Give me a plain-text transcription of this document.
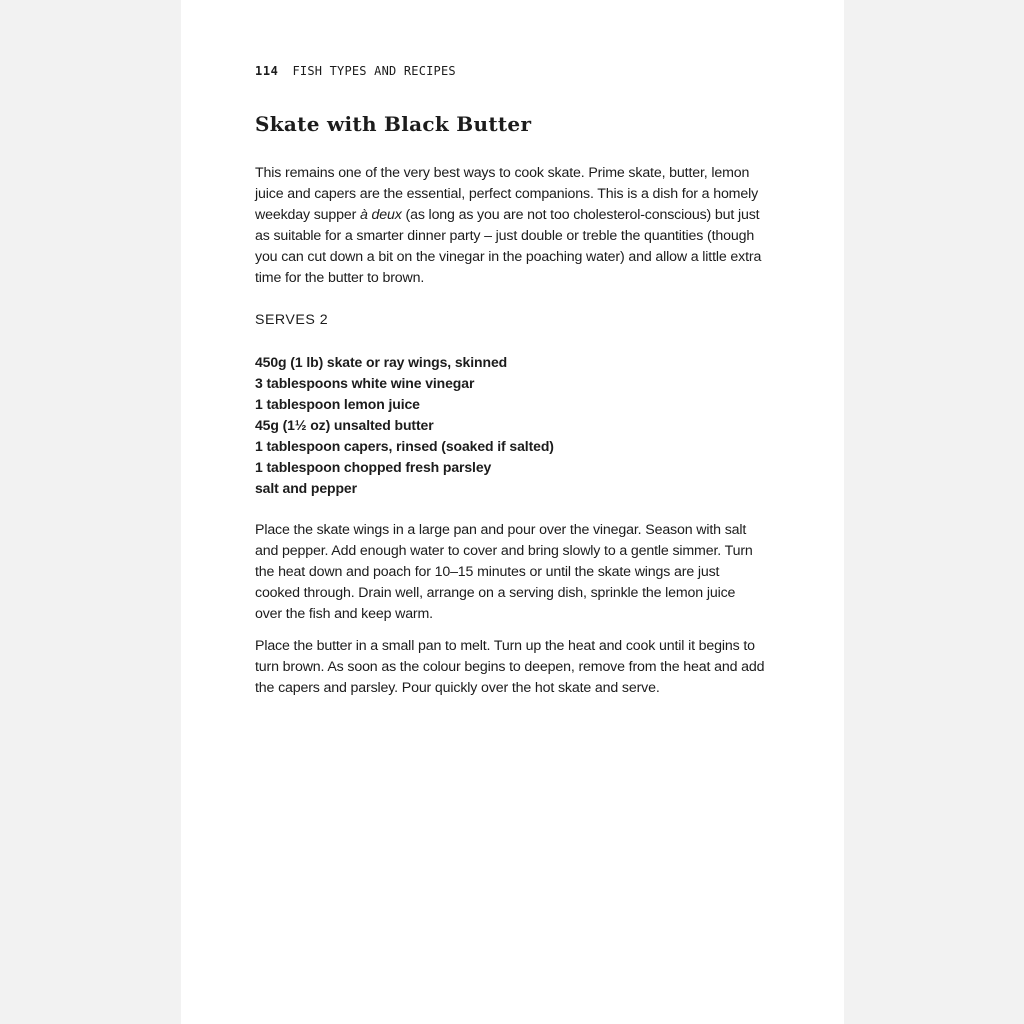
114 FISH TYPES AND RECIPES
Skate with Black Butter

This remains one of the very best ways to cook skate. Prime skate, butter, lemon juice and capers are the essential, perfect companions. This is a dish for a homely weekday supper à deux (as long as you are not too cholesterol-conscious) but just as suitable for a smarter dinner party – just double or treble the quantities (though you can cut down a bit on the vinegar in the poaching water) and allow a little extra time for the butter to brown.

SERVES 2
450g (1 lb) skate or ray wings, skinned
3 tablespoons white wine vinegar
1 tablespoon lemon juice
45g (1½ oz) unsalted butter
1 tablespoon capers, rinsed (soaked if salted)
1 tablespoon chopped fresh parsley
salt and pepper

Place the skate wings in a large pan and pour over the vinegar. Season with salt and pepper. Add enough water to cover and bring slowly to a gentle simmer. Turn the heat down and poach for 10–15 minutes or until the skate wings are just cooked through. Drain well, arrange on a serving dish, sprinkle the lemon juice over the fish and keep warm.

Place the butter in a small pan to melt. Turn up the heat and cook until it begins to turn brown. As soon as the colour begins to deepen, remove from the heat and add the capers and parsley. Pour quickly over the hot skate and serve.
